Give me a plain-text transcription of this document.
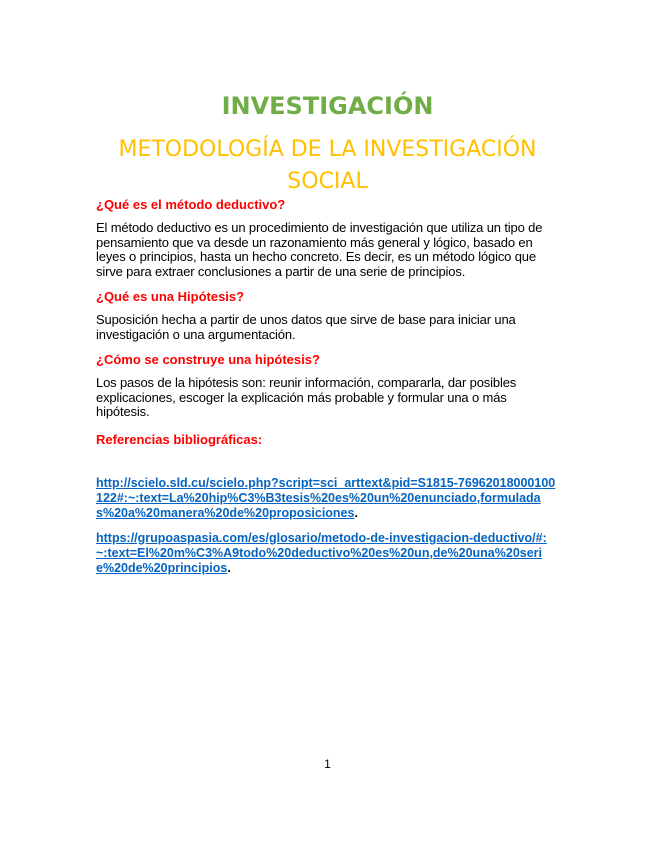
INVESTIGACIÓN
METODOLOGÍA DE LA INVESTIGACIÓN SOCIAL
¿Qué es el método deductivo?

El método deductivo es un procedimiento de investigación que utiliza un tipo de pensamiento que va desde un razonamiento más general y lógico, basado en leyes o principios, hasta un hecho concreto. Es decir, es un método lógico que sirve para extraer conclusiones a partir de una serie de principios.

¿Qué es una Hipótesis?

Suposición hecha a partir de unos datos que sirve de base para iniciar una investigación o una argumentación.

¿Cómo se construye una hipótesis?

Los pasos de la hipótesis son: reunir información, compararla, dar posibles explicaciones, escoger la explicación más probable y formular una o más hipótesis.

Referencias bibliográficas:

http://scielo.sld.cu/scielo.php?script=sci_arttext&pid=S1815-76962018000100122#:~:text=La%20hip%C3%B3tesis%20es%20un%20enunciado,formuladas%20a%20manera%20de%20proposiciones.

https://grupoaspasia.com/es/glosario/metodo-de-investigacion-deductivo/#:~:text=El%20m%C3%A9todo%20deductivo%20es%20un,de%20una%20serie%20de%20principios.

1
